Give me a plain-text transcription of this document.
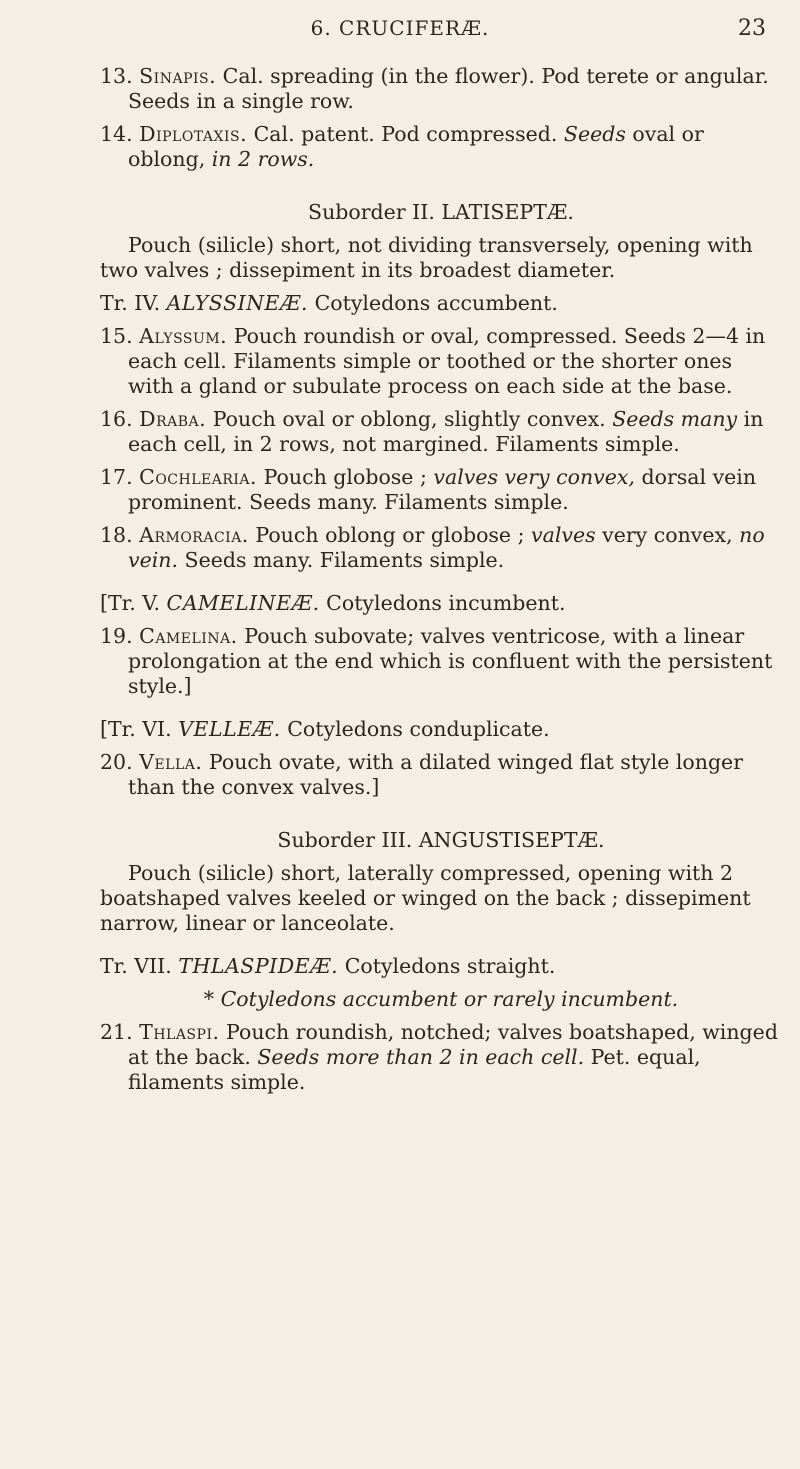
6. CRUCIFERÆ.	23

13. Sinapis. Cal. spreading (in the flower). Pod terete or angular. Seeds in a single row.

14. Diplotaxis. Cal. patent. Pod compressed. Seeds oval or oblong, in 2 rows.

Suborder II. LATISEPTÆ.

Pouch (silicle) short, not dividing transversely, opening with two valves ; dissepiment in its broadest diameter.

Tr. IV. ALYSSINEÆ. Cotyledons accumbent.

15. Alyssum. Pouch roundish or oval, compressed. Seeds 2—4 in each cell. Filaments simple or toothed or the shorter ones with a gland or subulate process on each side at the base.

16. Draba. Pouch oval or oblong, slightly convex. Seeds many in each cell, in 2 rows, not margined. Filaments simple.

17. Cochlearia. Pouch globose ; valves very convex, dorsal vein prominent. Seeds many. Filaments simple.

18. Armoracia. Pouch oblong or globose ; valves very convex, no vein. Seeds many. Filaments simple.

[Tr. V. CAMELINEÆ. Cotyledons incumbent.

19. Camelina. Pouch subovate; valves ventricose, with a linear prolongation at the end which is confluent with the persistent style.]

[Tr. VI. VELLEÆ. Cotyledons conduplicate.

20. Vella. Pouch ovate, with a dilated winged flat style longer than the convex valves.]

Suborder III. ANGUSTISEPTÆ.

Pouch (silicle) short, laterally compressed, opening with 2 boatshaped valves keeled or winged on the back ; dissepiment narrow, linear or lanceolate.

Tr. VII. THLASPIDEÆ. Cotyledons straight.

* Cotyledons accumbent or rarely incumbent.

21. Thlaspi. Pouch roundish, notched; valves boatshaped, winged at the back. Seeds more than 2 in each cell. Pet. equal, filaments simple.
